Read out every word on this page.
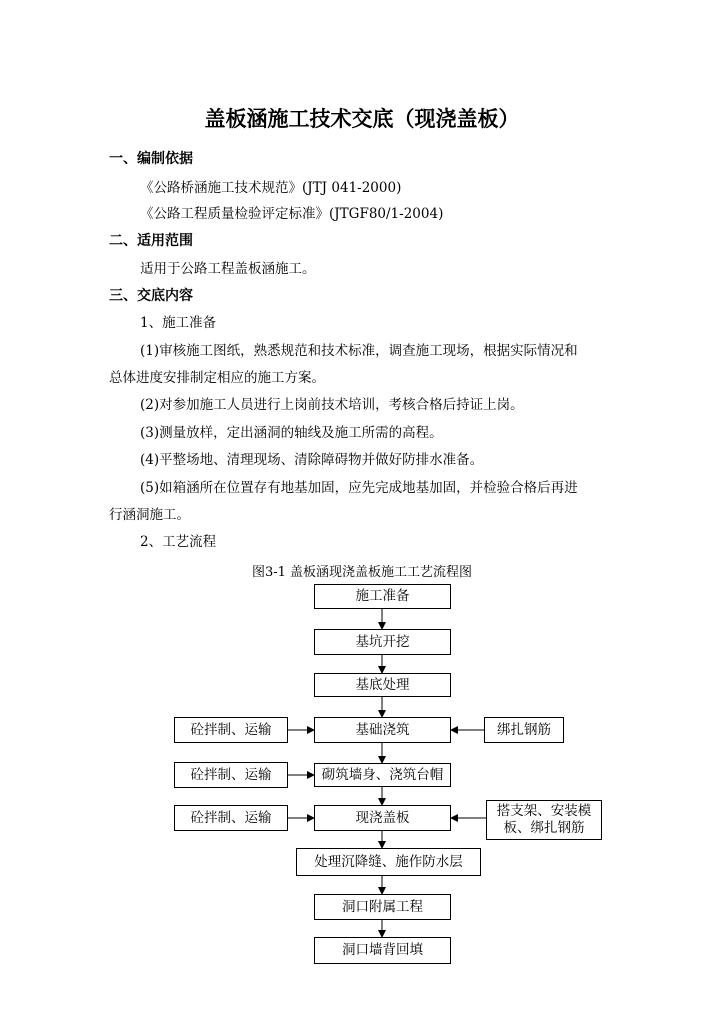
盖板涵施工技术交底（现浇盖板）
一、编制依据
《公路桥涵施工技术规范》(JTJ 041-2000)
《公路工程质量检验评定标准》(JTGF80/1-2004)
二、适用范围
适用于公路工程盖板涵施工。
三、交底内容
1、施工准备
(1)审核施工图纸，熟悉规范和技术标准，调查施工现场，根据实际情况和
总体进度安排制定相应的施工方案。
(2)对参加施工人员进行上岗前技术培训，考核合格后持证上岗。
(3)测量放样，定出涵洞的轴线及施工所需的高程。
(4)平整场地、清理现场、清除障碍物并做好防排水准备。
(5)如箱涵所在位置存有地基加固，应先完成地基加固，并检验合格后再进
行涵洞施工。
2、工艺流程
图3-1 盖板涵现浇盖板施工工艺流程图
施工准备
基坑开挖
基底处理
基础浇筑
砌筑墙身、浇筑台帽
现浇盖板
处理沉降缝、施作防水层
洞口附属工程
洞口墙背回填
砼拌制、运输
砼拌制、运输
砼拌制、运输
绑扎钢筋
搭支架、安装模板、绑扎钢筋
